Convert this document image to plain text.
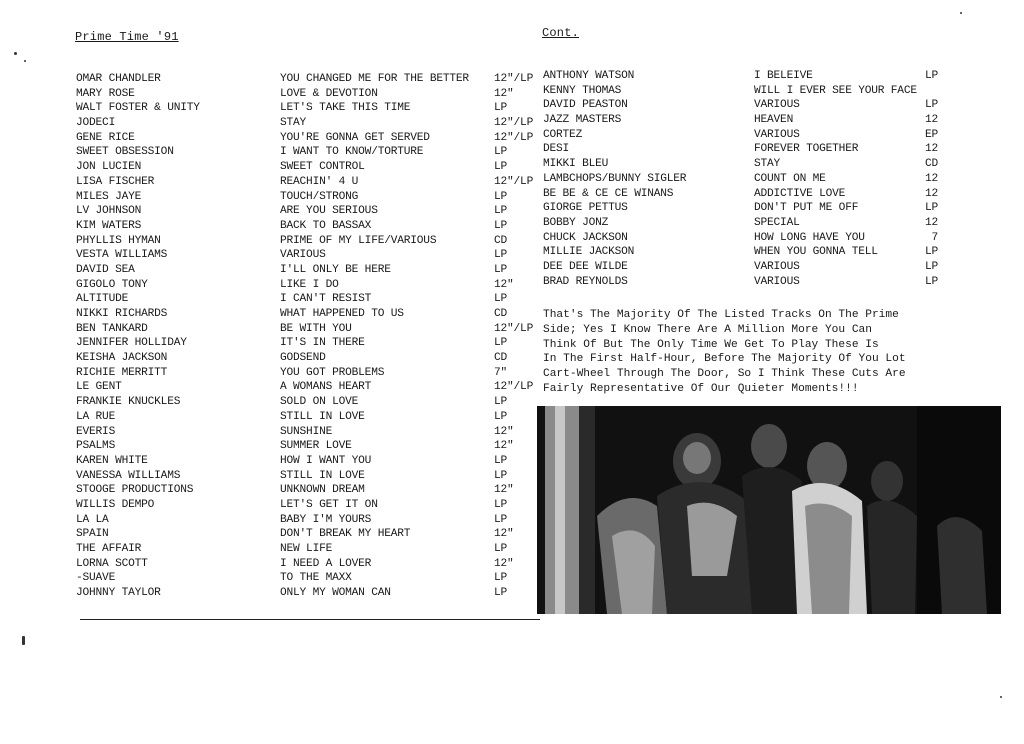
Prime Time '91	Cont.
OMAR CHANDLER
MARY ROSE
WALT FOSTER & UNITY
JODECI
GENE RICE
SWEET OBSESSION
JON LUCIEN
LISA FISCHER
MILES JAYE
LV JOHNSON
KIM WATERS
PHYLLIS HYMAN
VESTA WILLIAMS
DAVID SEA
GIGOLO TONY
ALTITUDE
NIKKI RICHARDS
BEN TANKARD
JENNIFER HOLLIDAY
KEISHA JACKSON
RICHIE MERRITT
LE GENT
FRANKIE KNUCKLES
LA RUE
EVERIS
PSALMS
KAREN WHITE
VANESSA WILLIAMS
STOOGE PRODUCTIONS
WILLIS DEMPO
LA LA
SPAIN
THE AFFAIR
LORNA SCOTT
-SUAVE
JOHNNY TAYLOR
YOU CHANGED ME FOR THE BETTER
LOVE & DEVOTION
LET'S TAKE THIS TIME
STAY
YOU'RE GONNA GET SERVED
I WANT TO KNOW/TORTURE
SWEET CONTROL
REACHIN' 4 U
TOUCH/STRONG
ARE YOU SERIOUS
BACK TO BASSAX
PRIME OF MY LIFE/VARIOUS
VARIOUS
I'LL ONLY BE HERE
LIKE I DO
I CAN'T RESIST
WHAT HAPPENED TO US
BE WITH YOU
IT'S IN THERE
GODSEND
YOU GOT PROBLEMS
A WOMANS HEART
SOLD ON LOVE
STILL IN LOVE
SUNSHINE
SUMMER LOVE
HOW I WANT YOU
STILL IN LOVE
UNKNOWN DREAM
LET'S GET IT ON
BABY I'M YOURS
DON'T BREAK MY HEART
NEW LIFE
I NEED A LOVER
TO THE MAXX
ONLY MY WOMAN CAN
12"/LP
12"
LP
12"/LP
12"/LP
LP
LP
12"/LP
LP
LP
LP
CD
LP
LP
12"
LP
CD
12"/LP
LP
CD
7"
12"/LP
LP
LP
12"
12"
LP
LP
12"
LP
LP
12"
LP
12"
LP
LP
ANTHONY WATSON
KENNY THOMAS
DAVID PEASTON
JAZZ MASTERS
CORTEZ
DESI
MIKKI BLEU
LAMBCHOPS/BUNNY SIGLER
BE BE & CE CE WINANS
GIORGE PETTUS
BOBBY JONZ
CHUCK JACKSON
MILLIE JACKSON
DEE DEE WILDE
BRAD REYNOLDS
I BELEIVE
WILL I EVER SEE YOUR FACE
VARIOUS
HEAVEN
VARIOUS
FOREVER TOGETHER
STAY
COUNT ON ME
ADDICTIVE LOVE
DON'T PUT ME OFF
SPECIAL
HOW LONG HAVE YOU
WHEN YOU GONNA TELL
VARIOUS
VARIOUS
LP
LP
12
EP
12
CD
12
12
LP
12
7
LP
LP
LP
That's The Majority Of The Listed Tracks On The Prime
Side; Yes I Know There Are A Million More You Can
Think Of But The Only Time We Get To Play These Is
In The First Half-Hour, Before The Majority Of You Lot
Cart-Wheel Through The Door, So I Think These Cuts Are
Fairly Representative Of Our Quieter Moments!!!
